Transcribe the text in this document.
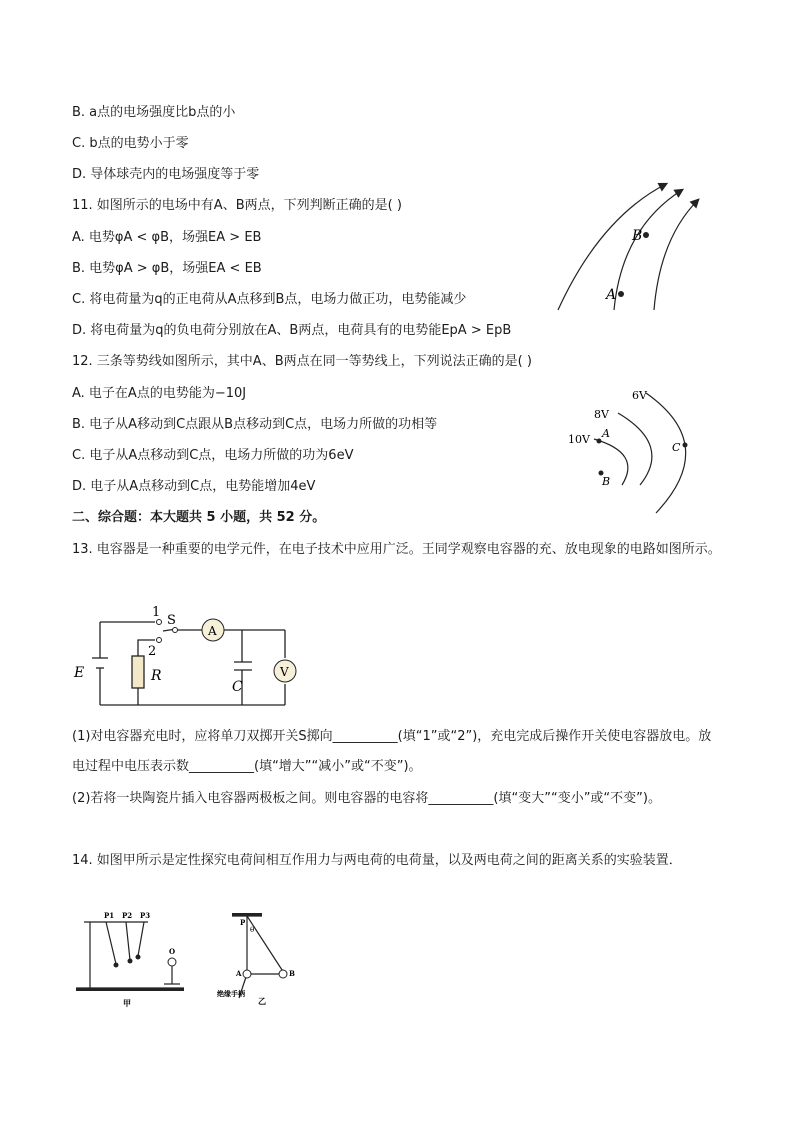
B. a点的电场强度比b点的小
C. b点的电势小于零
D. 导体球壳内的电场强度等于零
11. 如图所示的电场中有A、B两点，下列判断正确的是( )
A. 电势φA < φB，场强EA > EB
B. 电势φA > φB，场强EA < EB
C. 将电荷量为q的正电荷从A点移到B点，电场力做正功，电势能减少
D. 将电荷量为q的负电荷分别放在A、B两点，电荷具有的电势能EpA > EpB
12. 三条等势线如图所示，其中A、B两点在同一等势线上，下列说法正确的是( )
A. 电子在A点的电势能为−10J
B. 电子从A移动到C点跟从B点移动到C点，电场力所做的功相等
C. 电子从A点移动到C点，电场力所做的功为6eV
D. 电子从A点移动到C点，电势能增加4eV
二、综合题：本大题共 5 小题，共 52 分。
13. 电容器是一种重要的电学元件，在电子技术中应用广泛。王同学观察电容器的充、放电现象的电路如图所示。
(1)对电容器充电时，应将单刀双掷开关S掷向__________(填“1”或“2”)，充电完成后操作开关使电容器放电。放电过程中电压表示数__________(填“增大”“减小”或“不变”)。
(2)若将一块陶瓷片插入电容器两极板之间。则电容器的电容将__________(填“变大”“变小”或“不变”)。
14. 如图甲所示是定性探究电荷间相互作用力与两电荷的电荷量，以及两电荷之间的距离关系的实验装置．
A
B
6V
8V
10V A
B
C
1
2
S
A
V
E	R
C
P1 P2 P3
O
甲
P
θ
A	B
绝缘手柄
乙
